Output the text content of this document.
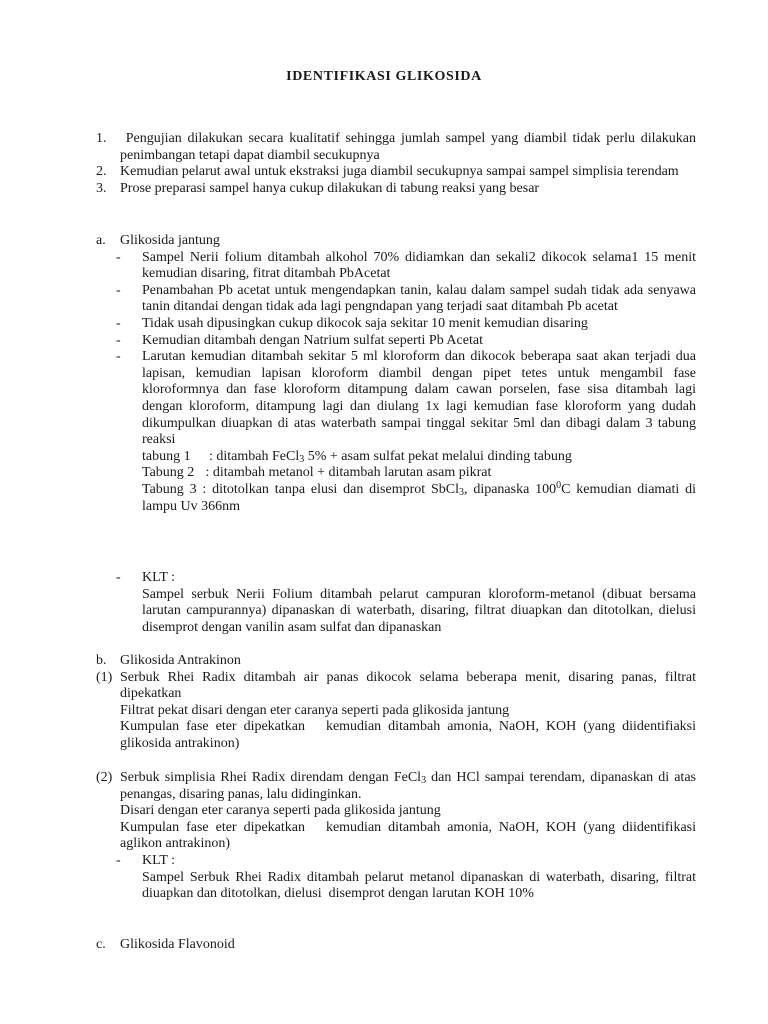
IDENTIFIKASI GLIKOSIDA
1. Pengujian dilakukan secara kualitatif sehingga jumlah sampel yang diambil tidak perlu dilakukan penimbangan tetapi dapat diambil secukupnya
2. Kemudian pelarut awal untuk ekstraksi juga diambil secukupnya sampai sampel simplisia terendam
3. Prose preparasi sampel hanya cukup dilakukan di tabung reaksi yang besar
a.	Glikosida jantung
-	Sampel Nerii folium ditambah alkohol 70% didiamkan dan sekali2 dikocok selama1 15 menit kemudian disaring, fitrat ditambah PbAcetat
-	Penambahan Pb acetat untuk mengendapkan tanin, kalau dalam sampel sudah tidak ada senyawa tanin ditandai dengan tidak ada lagi pengndapan yang terjadi saat ditambah Pb acetat
-	Tidak usah dipusingkan cukup dikocok saja sekitar 10 menit kemudian disaring
-	Kemudian ditambah dengan Natrium sulfat seperti Pb Acetat
-	Larutan kemudian ditambah sekitar 5 ml kloroform dan dikocok beberapa saat akan terjadi dua lapisan, kemudian lapisan kloroform diambil dengan pipet tetes untuk mengambil fase kloroformnya dan fase kloroform ditampung dalam cawan porselen, fase sisa ditambah lagi dengan kloroform, ditampung lagi dan diulang 1x lagi kemudian fase kloroform yang dudah dikumpulkan diuapkan di atas waterbath sampai tinggal sekitar 5ml dan dibagi dalam 3 tabung reaksi
tabung 1  : ditambah FeCl$_3$ 5% + asam sulfat pekat melalui dinding tabung
Tabung 2 : ditambah metanol + ditambah larutan asam pikrat
Tabung 3 : ditotolkan tanpa elusi dan disemprot SbCl$_3$, dipanaska $100^0C$ kemudian diamati di lampu Uv 366nm
-	KLT :
Sampel serbuk Nerii Folium ditambah pelarut campuran kloroform-metanol (dibuat bersama larutan campurannya) dipanaskan di waterbath, disaring, filtrat diuapkan dan ditotolkan, dielusi  disemprot dengan vanilin asam sulfat dan dipanaskan
b. Glikosida Antrakinon
(1) Serbuk Rhei Radix ditambah air panas dikocok selama beberapa menit, disaring panas, filtrat dipekatkan
Filtrat pekat disari dengan eter caranya seperti pada glikosida jantung
Kumpulan fase eter dipekatkan   kemudian ditambah amonia, NaOH, KOH (yang diidentifiaksi glikosida antrakinon)
(2) Serbuk simplisia Rhei Radix direndam dengan FeCl$_3$ dan HCl sampai terendam, dipanaskan di atas penangas, disaring panas, lalu didinginkan.
Disari dengan eter caranya seperti pada glikosida jantung
Kumpulan fase eter dipekatkan   kemudian ditambah amonia, NaOH, KOH (yang diidentifikasi aglikon antrakinon)
-	KLT :
Sampel Serbuk Rhei Radix ditambah pelarut metanol dipanaskan di waterbath, disaring, filtrat diuapkan dan ditotolkan, dielusi  disemprot dengan larutan KOH 10%
c.	Glikosida Flavonoid
